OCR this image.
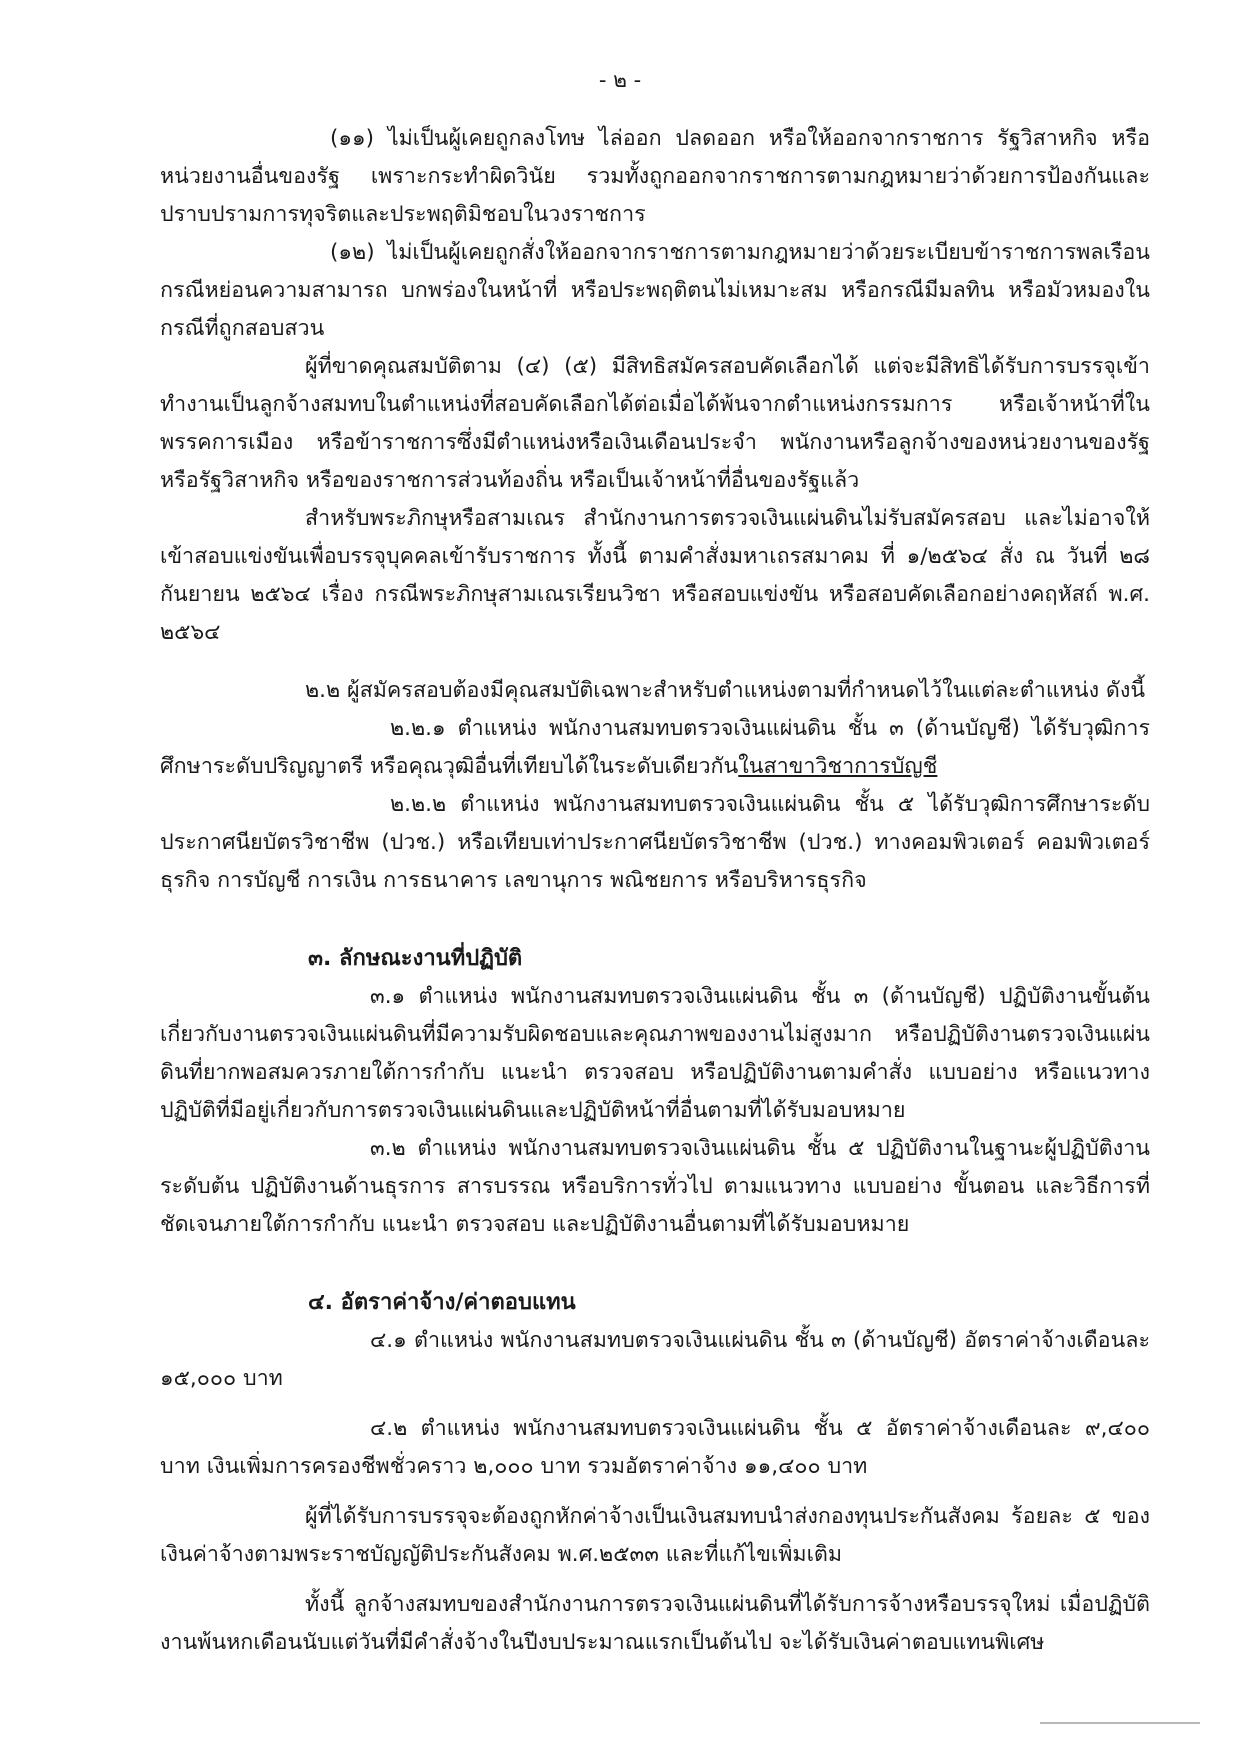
- ๒ -

(๑๑) ไม่เป็นผู้เคยถูกลงโทษ ไล่ออก ปลดออก หรือให้ออกจากราชการ รัฐวิสาหกิจ หรือหน่วยงานอื่นของรัฐ เพราะกระทำผิดวินัย รวมทั้งถูกออกจากราชการตามกฎหมายว่าด้วยการป้องกันและปราบปรามการทุจริตและประพฤติมิชอบในวงราชการ

(๑๒) ไม่เป็นผู้เคยถูกสั่งให้ออกจากราชการตามกฎหมายว่าด้วยระเบียบข้าราชการพลเรือน กรณีหย่อนความสามารถ บกพร่องในหน้าที่ หรือประพฤติตนไม่เหมาะสม หรือกรณีมีมลทิน หรือมัวหมองในกรณีที่ถูกสอบสวน

ผู้ที่ขาดคุณสมบัติตาม (๔) (๕) มีสิทธิสมัครสอบคัดเลือกได้ แต่จะมีสิทธิได้รับการบรรจุเข้าทำงานเป็นลูกจ้างสมทบในตำแหน่งที่สอบคัดเลือกได้ต่อเมื่อได้พ้นจากตำแหน่งกรรมการ หรือเจ้าหน้าที่ในพรรคการเมือง หรือข้าราชการซึ่งมีตำแหน่งหรือเงินเดือนประจำ พนักงานหรือลูกจ้างของหน่วยงานของรัฐ หรือรัฐวิสาหกิจ หรือของราชการส่วนท้องถิ่น หรือเป็นเจ้าหน้าที่อื่นของรัฐแล้ว

สำหรับพระภิกษุหรือสามเณร สำนักงานการตรวจเงินแผ่นดินไม่รับสมัครสอบ และไม่อาจให้เข้าสอบแข่งขันเพื่อบรรจุบุคคลเข้ารับราชการ ทั้งนี้ ตามคำสั่งมหาเถรสมาคม ที่ ๑/๒๕๖๔ สั่ง ณ วันที่ ๒๘ กันยายน ๒๕๖๔ เรื่อง กรณีพระภิกษุสามเณรเรียนวิชา หรือสอบแข่งขัน หรือสอบคัดเลือกอย่างคฤหัสถ์ พ.ศ. ๒๕๖๔

๒.๒ ผู้สมัครสอบต้องมีคุณสมบัติเฉพาะสำหรับตำแหน่งตามที่กำหนดไว้ในแต่ละตำแหน่ง ดังนี้

๒.๒.๑ ตำแหน่ง พนักงานสมทบตรวจเงินแผ่นดิน ชั้น ๓ (ด้านบัญชี) ได้รับวุฒิการศึกษาระดับปริญญาตรี หรือคุณวุฒิอื่นที่เทียบได้ในระดับเดียวกันในสาขาวิชาการบัญชี

๒.๒.๒ ตำแหน่ง พนักงานสมทบตรวจเงินแผ่นดิน ชั้น ๕ ได้รับวุฒิการศึกษาระดับประกาศนียบัตรวิชาชีพ (ปวช.) หรือเทียบเท่าประกาศนียบัตรวิชาชีพ (ปวช.) ทางคอมพิวเตอร์ คอมพิวเตอร์ธุรกิจ การบัญชี การเงิน การธนาคาร เลขานุการ พณิชยการ หรือบริหารธุรกิจ

๓. ลักษณะงานที่ปฏิบัติ

๓.๑ ตำแหน่ง พนักงานสมทบตรวจเงินแผ่นดิน ชั้น ๓ (ด้านบัญชี) ปฏิบัติงานขั้นต้นเกี่ยวกับงานตรวจเงินแผ่นดินที่มีความรับผิดชอบและคุณภาพของงานไม่สูงมาก หรือปฏิบัติงานตรวจเงินแผ่นดินที่ยากพอสมควรภายใต้การกำกับ แนะนำ ตรวจสอบ หรือปฏิบัติงานตามคำสั่ง แบบอย่าง หรือแนวทางปฏิบัติที่มีอยู่เกี่ยวกับการตรวจเงินแผ่นดินและปฏิบัติหน้าที่อื่นตามที่ได้รับมอบหมาย

๓.๒ ตำแหน่ง พนักงานสมทบตรวจเงินแผ่นดิน ชั้น ๕ ปฏิบัติงานในฐานะผู้ปฏิบัติงานระดับต้น ปฏิบัติงานด้านธุรการ สารบรรณ หรือบริการทั่วไป ตามแนวทาง แบบอย่าง ขั้นตอน และวิธีการที่ชัดเจนภายใต้การกำกับ แนะนำ ตรวจสอบ และปฏิบัติงานอื่นตามที่ได้รับมอบหมาย

๔. อัตราค่าจ้าง/ค่าตอบแทน

๔.๑ ตำแหน่ง พนักงานสมทบตรวจเงินแผ่นดิน ชั้น ๓ (ด้านบัญชี) อัตราค่าจ้างเดือนละ ๑๕,๐๐๐ บาท

๔.๒ ตำแหน่ง พนักงานสมทบตรวจเงินแผ่นดิน ชั้น ๕ อัตราค่าจ้างเดือนละ ๙,๔๐๐ บาท เงินเพิ่มการครองชีพชั่วคราว ๒,๐๐๐ บาท รวมอัตราค่าจ้าง ๑๑,๔๐๐ บาท

ผู้ที่ได้รับการบรรจุจะต้องถูกหักค่าจ้างเป็นเงินสมทบนำส่งกองทุนประกันสังคม ร้อยละ ๕ ของเงินค่าจ้างตามพระราชบัญญัติประกันสังคม พ.ศ.๒๕๓๓ และที่แก้ไขเพิ่มเติม

ทั้งนี้ ลูกจ้างสมทบของสำนักงานการตรวจเงินแผ่นดินที่ได้รับการจ้างหรือบรรจุใหม่ เมื่อปฏิบัติงานพ้นหกเดือนนับแต่วันที่มีคำสั่งจ้างในปีงบประมาณแรกเป็นต้นไป จะได้รับเงินค่าตอบแทนพิเศษ
